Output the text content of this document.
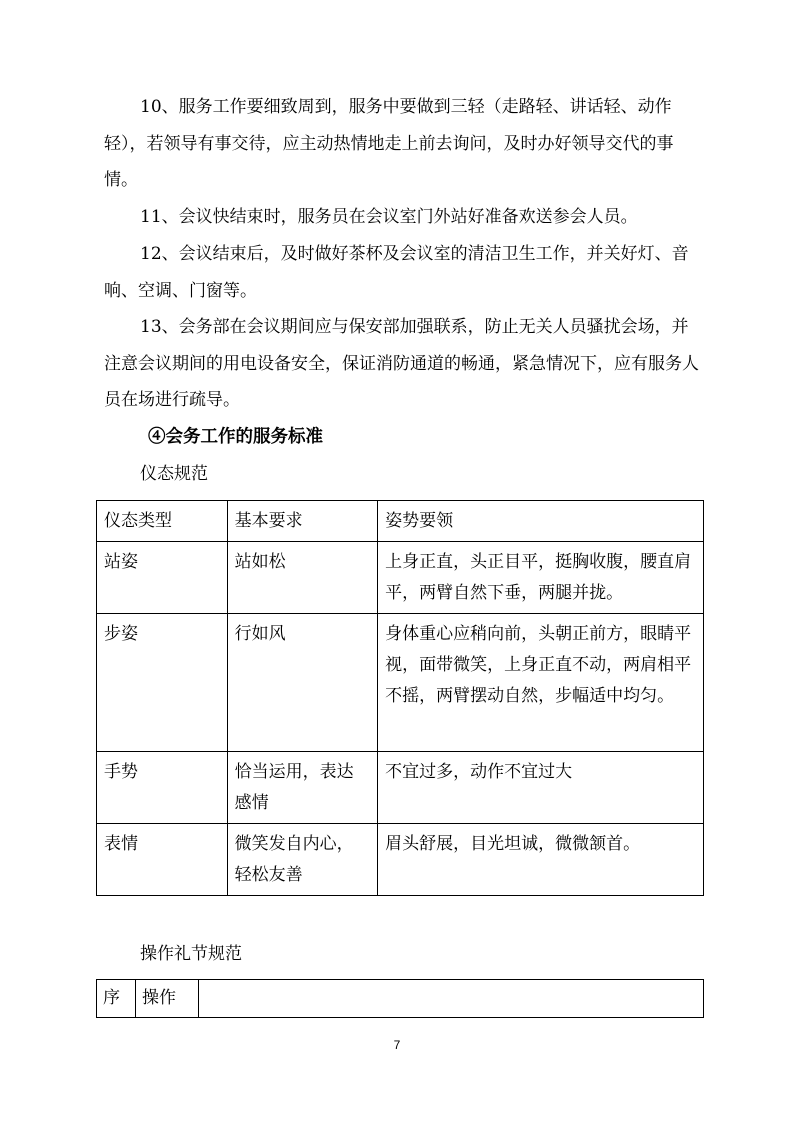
10、服务工作要细致周到，服务中要做到三轻（走路轻、讲话轻、动作轻），若领导有事交待，应主动热情地走上前去询问，及时办好领导交代的事情。

11、会议快结束时，服务员在会议室门外站好准备欢送参会人员。

12、会议结束后，及时做好茶杯及会议室的清洁卫生工作，并关好灯、音响、空调、门窗等。

13、会务部在会议期间应与保安部加强联系，防止无关人员骚扰会场，并注意会议期间的用电设备安全，保证消防通道的畅通，紧急情况下，应有服务人员在场进行疏导。

④会务工作的服务标准

仪态规范

仪态类型	基本要求	姿势要领
站姿	站如松	上身正直，头正目平，挺胸收腹，腰直肩平，两臂自然下垂，两腿并拢。
步姿	行如风	身体重心应稍向前，头朝正前方，眼睛平视，面带微笑，上身正直不动，两肩相平不摇，两臂摆动自然，步幅适中均匀。
手势	恰当运用，表达感情	不宜过多，动作不宜过大
表情	微笑发自内心，轻松友善	眉头舒展，目光坦诚，微微颔首。

操作礼节规范

序	操作	
7
